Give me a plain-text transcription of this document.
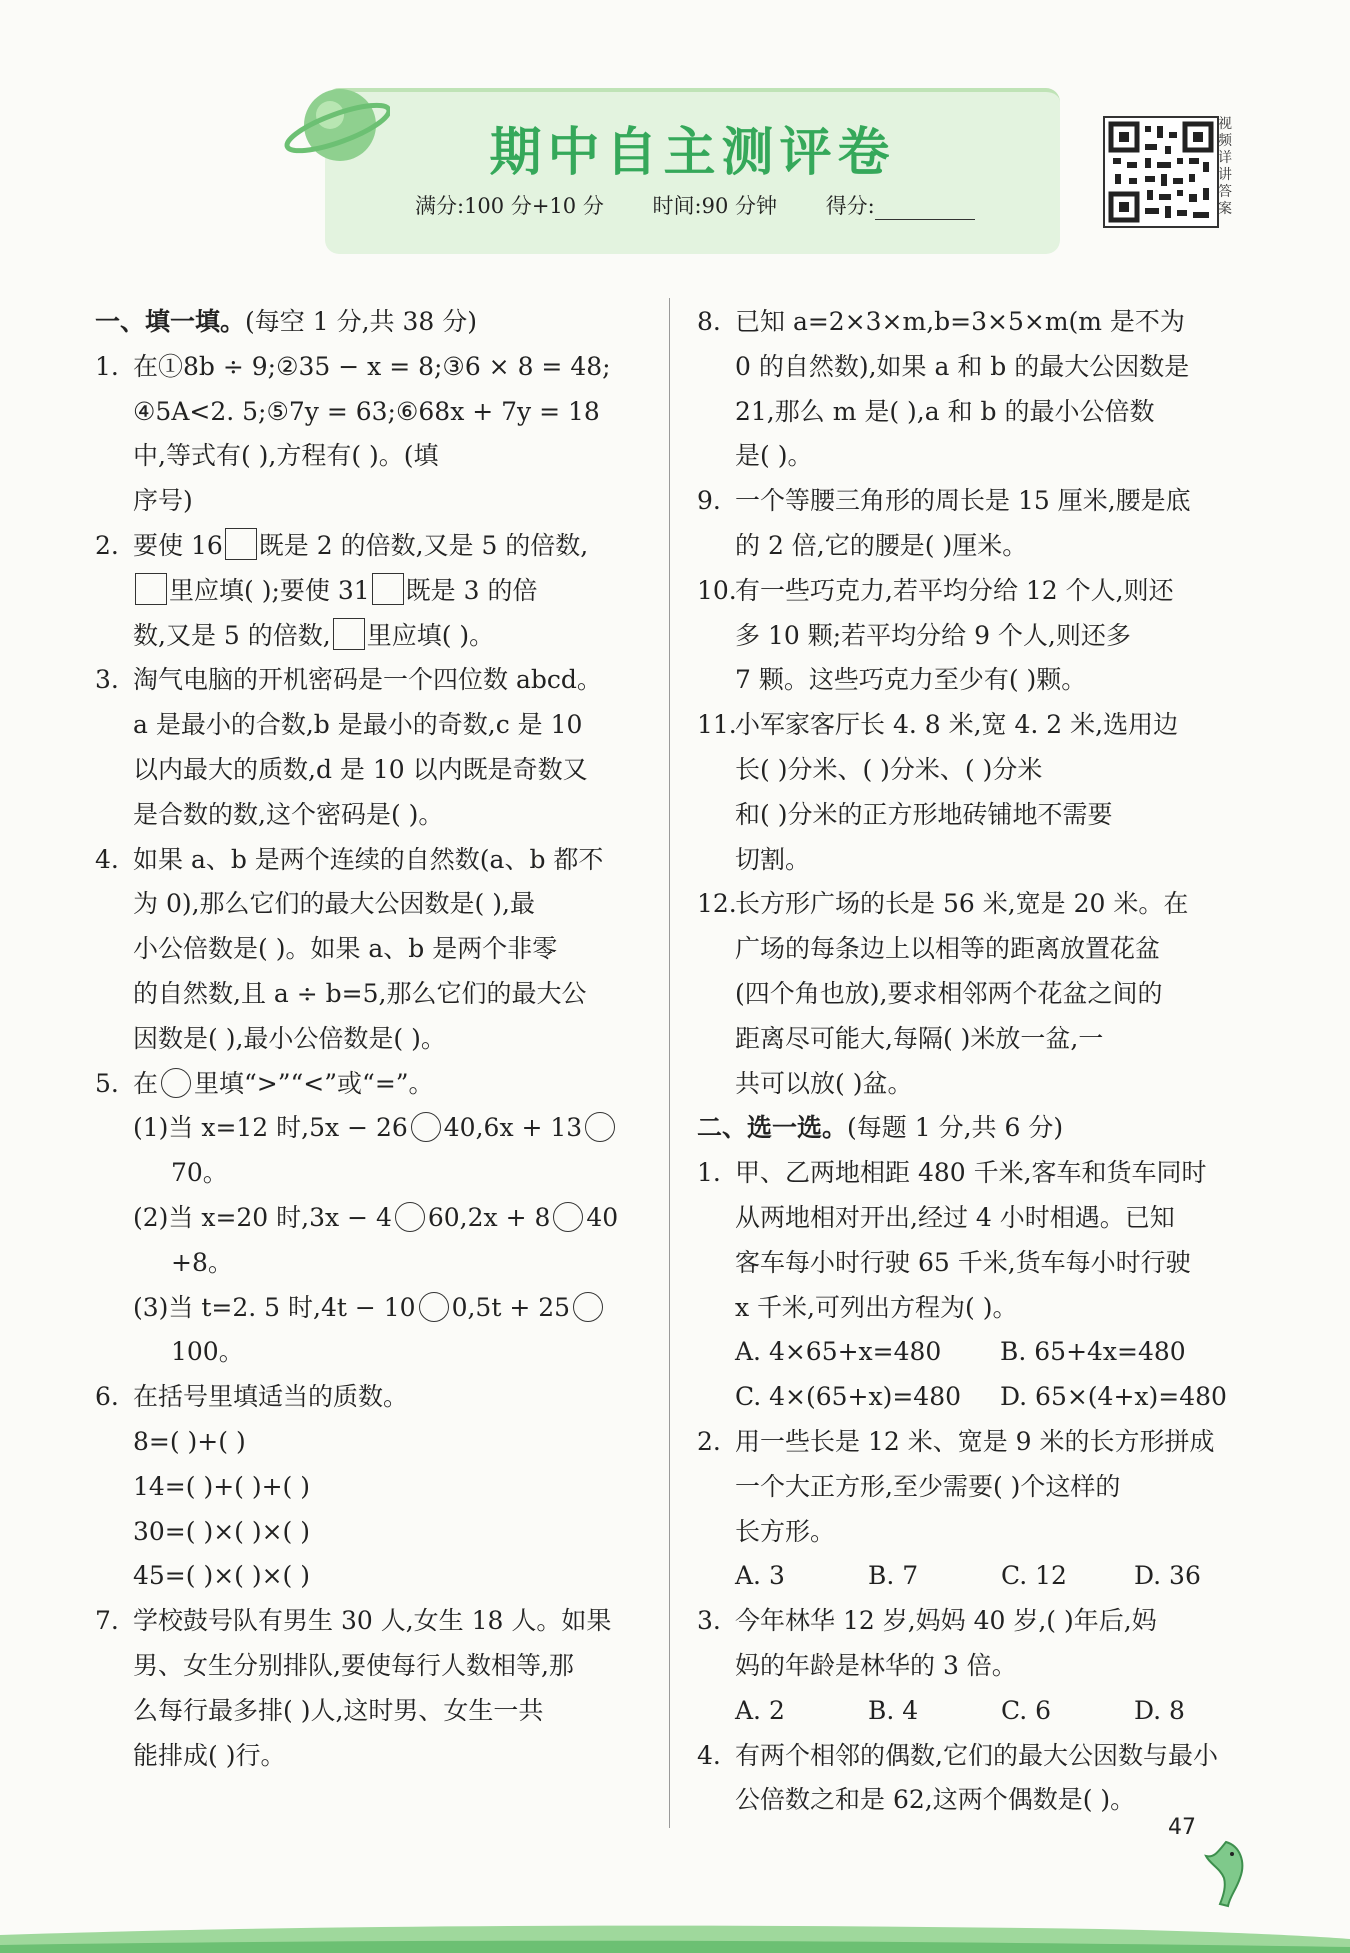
期中自主测评卷
满分:100 分+10 分 时间:90 分钟 得分:
视频详讲答案
一、填一填。(每空 1 分,共 38 分)
1. 在①8b ÷ 9;②35 − x = 8;③6 × 8 = 48;
④5A<2. 5;⑤7y = 63;⑥68x + 7y = 18
中,等式有( ),方程有( )。(填
序号)
2. 要使 16 既是 2 的倍数,又是 5 的倍数,
里应填( );要使 31 既是 3 的倍
数,又是 5 的倍数, 里应填( )。
3. 淘气电脑的开机密码是一个四位数 abcd。
a 是最小的合数,b 是最小的奇数,c 是 10
以内最大的质数,d 是 10 以内既是奇数又
是合数的数,这个密码是( )。
4. 如果 a、b 是两个连续的自然数(a、b 都不
为 0),那么它们的最大公因数是( ),最
小公倍数是( )。如果 a、b 是两个非零
的自然数,且 a ÷ b=5,那么它们的最大公
因数是( ),最小公倍数是( )。
5. 在 里填“>”“<”或“=”。
(1)当 x=12 时,5x − 26 40,6x + 13
70。
(2)当 x=20 时,3x − 4 60,2x + 8 40
+8。
(3)当 t=2. 5 时,4t − 10 0,5t + 25
100。
6. 在括号里填适当的质数。
8=( )+( )
14=( )+( )+( )
30=( )×( )×( )
45=( )×( )×( )
7. 学校鼓号队有男生 30 人,女生 18 人。如果
男、女生分别排队,要使每行人数相等,那
么每行最多排( )人,这时男、女生一共
能排成( )行。
8. 已知 a=2×3×m,b=3×5×m(m 是不为
0 的自然数),如果 a 和 b 的最大公因数是
21,那么 m 是( ),a 和 b 的最小公倍数
是( )。
9. 一个等腰三角形的周长是 15 厘米,腰是底
的 2 倍,它的腰是( )厘米。
10.
有一些巧克力,若平均分给 12 个人,则还
多 10 颗;若平均分给 9 个人,则还多
7 颗。这些巧克力至少有( )颗。
11.
小军家客厅长 4. 8 米,宽 4. 2 米,选用边
长( )分米、( )分米、( )分米
和( )分米的正方形地砖铺地不需要
切割。
12.
长方形广场的长是 56 米,宽是 20 米。在
广场的每条边上以相等的距离放置花盆
(四个角也放),要求相邻两个花盆之间的
距离尽可能大,每隔( )米放一盆,一
共可以放( )盆。
二、选一选。(每题 1 分,共 6 分)
1. 甲、乙两地相距 480 千米,客车和货车同时
从两地相对开出,经过 4 小时相遇。已知
客车每小时行驶 65 千米,货车每小时行驶
x 千米,可列出方程为( )。
A. 4×65+x=480	B. 65+4x=480
C. 4×(65+x)=480	D. 65×(4+x)=480
2. 用一些长是 12 米、宽是 9 米的长方形拼成
一个大正方形,至少需要( )个这样的
长方形。
A. 3	B. 7	C. 12	D. 36
3. 今年林华 12 岁,妈妈 40 岁,( )年后,妈
妈的年龄是林华的 3 倍。
A. 2	B. 4	C. 6	D. 8
4. 有两个相邻的偶数,它们的最大公因数与最小
公倍数之和是 62,这两个偶数是( )。
47
